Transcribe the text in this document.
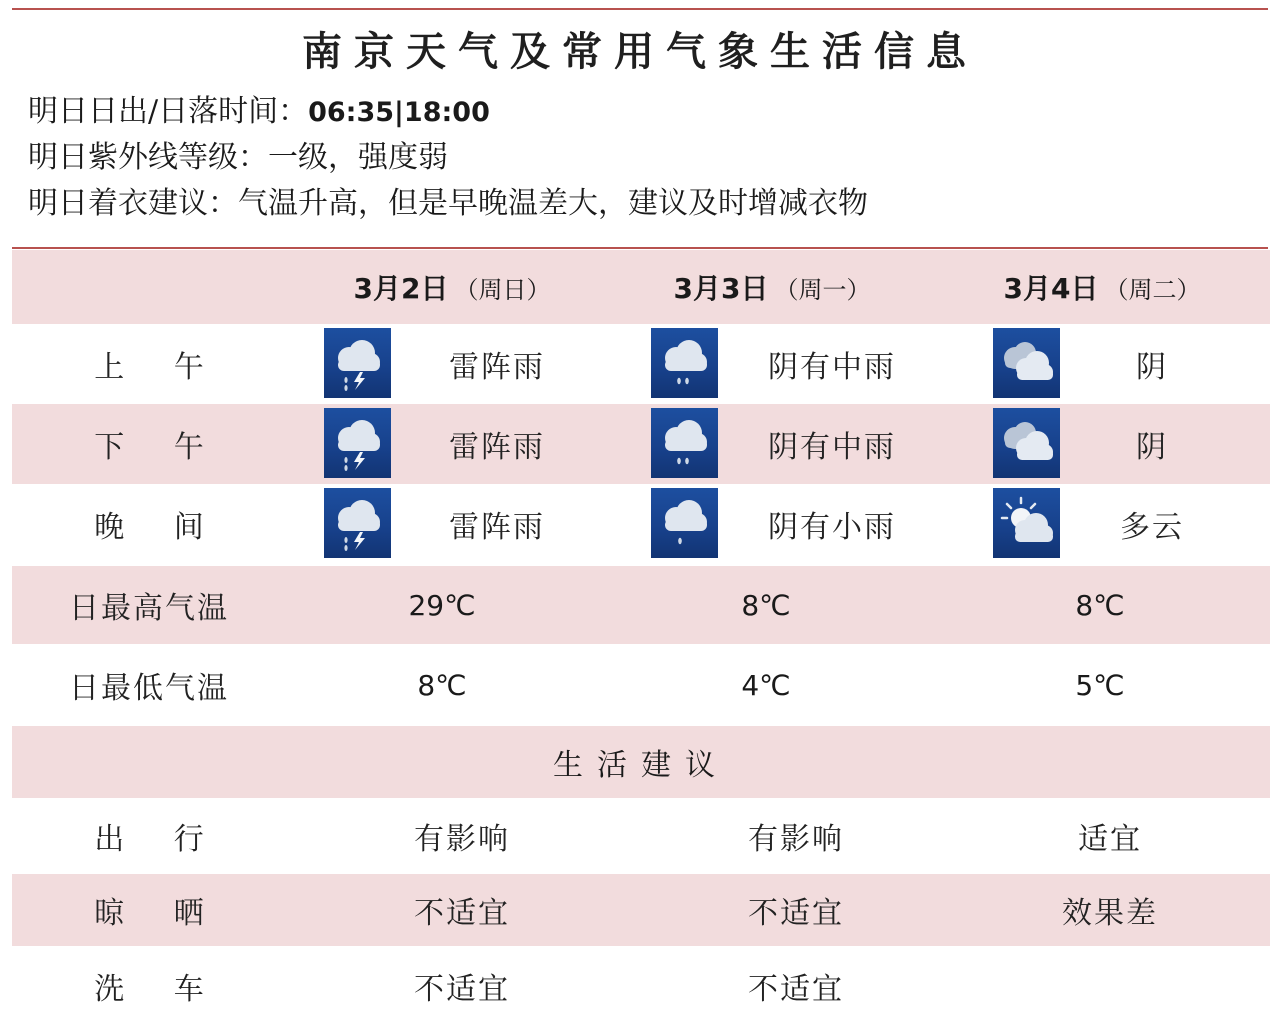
南京天气及常用气象生活信息
明日日出/日落时间：06:35|18:00
明日紫外线等级：一级，强度弱
明日着衣建议：气温升高，但是早晚温差大，建议及时增减衣物
3月2日 （周日）	3月3日 （周一）	3月4日 （周二）
上 午	雷阵雨	阴有中雨	阴
下 午	雷阵雨	阴有中雨	阴
晚 间	雷阵雨	阴有小雨	多云
日最高气温	29℃	8℃	8℃
日最低气温	8℃	4℃	5℃
生活建议
出 行	有影响	有影响	适宜
晾 晒	不适宜	不适宜	效果差
洗 车	不适宜	不适宜
